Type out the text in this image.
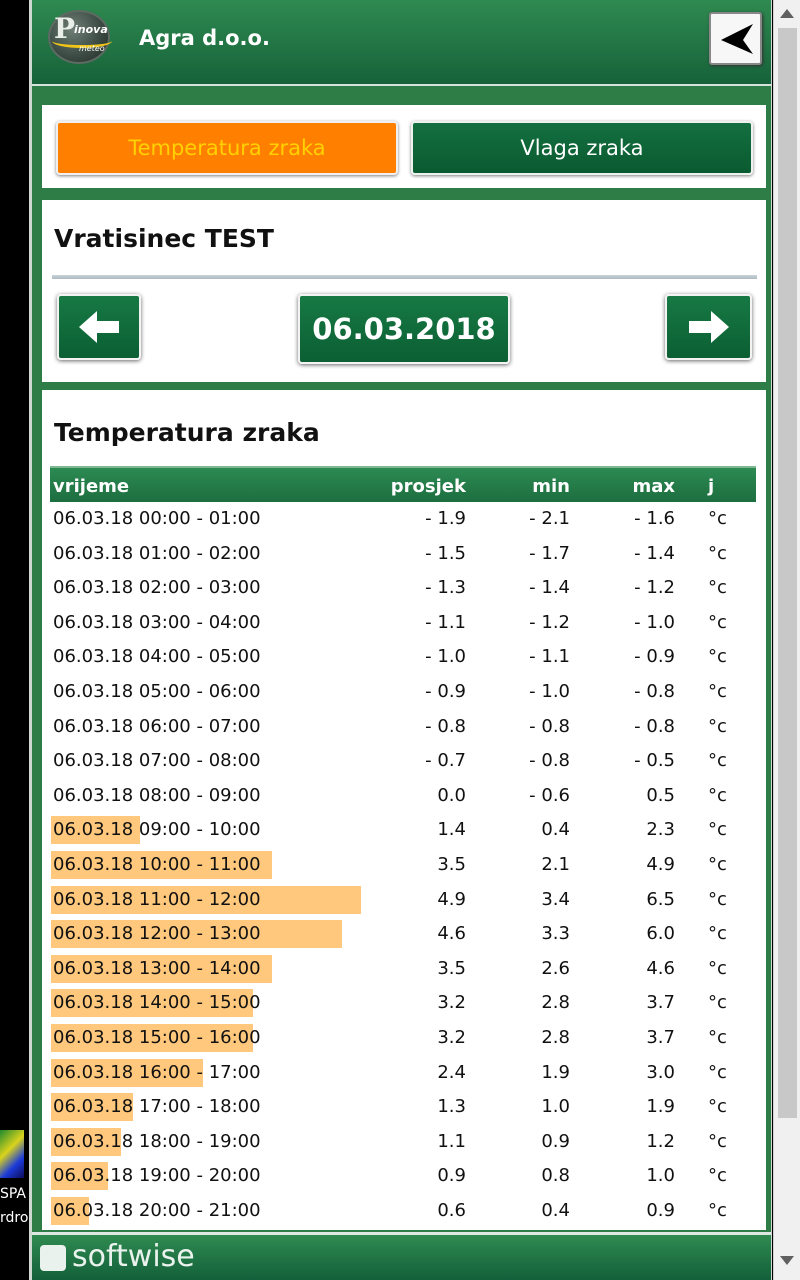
SPA
rdro
P
inova
meteo Agra d.o.o.
Temperatura zraka	Vlaga zraka
Vratisinec TEST
06.03.2018
Temperatura zraka
vrijeme	prosjek	min	max j
06.03.18 00:00 - 01:00	- 1.9	- 2.1	- 1.6 °c
06.03.18 01:00 - 02:00	- 1.5	- 1.7	- 1.4 °c
06.03.18 02:00 - 03:00	- 1.3	- 1.4	- 1.2 °c
06.03.18 03:00 - 04:00	- 1.1	- 1.2	- 1.0 °c
06.03.18 04:00 - 05:00	- 1.0	- 1.1	- 0.9 °c
06.03.18 05:00 - 06:00	- 0.9	- 1.0	- 0.8 °c
06.03.18 06:00 - 07:00	- 0.8	- 0.8	- 0.8 °c
06.03.18 07:00 - 08:00	- 0.7	- 0.8	- 0.5 °c
06.03.18 08:00 - 09:00	0.0	- 0.6	0.5 °c
06.03.18 09:00 - 10:00	1.4	0.4	2.3 °c
06.03.18 10:00 - 11:00	3.5	2.1	4.9 °c
06.03.18 11:00 - 12:00	4.9	3.4	6.5 °c
06.03.18 12:00 - 13:00	4.6	3.3	6.0 °c
06.03.18 13:00 - 14:00	3.5	2.6	4.6 °c
06.03.18 14:00 - 15:00	3.2	2.8	3.7 °c
06.03.18 15:00 - 16:00	3.2	2.8	3.7 °c
06.03.18 16:00 - 17:00	2.4	1.9	3.0 °c
06.03.18 17:00 - 18:00	1.3	1.0	1.9 °c
06.03.18 18:00 - 19:00	1.1	0.9	1.2 °c
06.03.18 19:00 - 20:00	0.9	0.8	1.0 °c
06.03.18 20:00 - 21:00	0.6	0.4	0.9 °c
softwise
